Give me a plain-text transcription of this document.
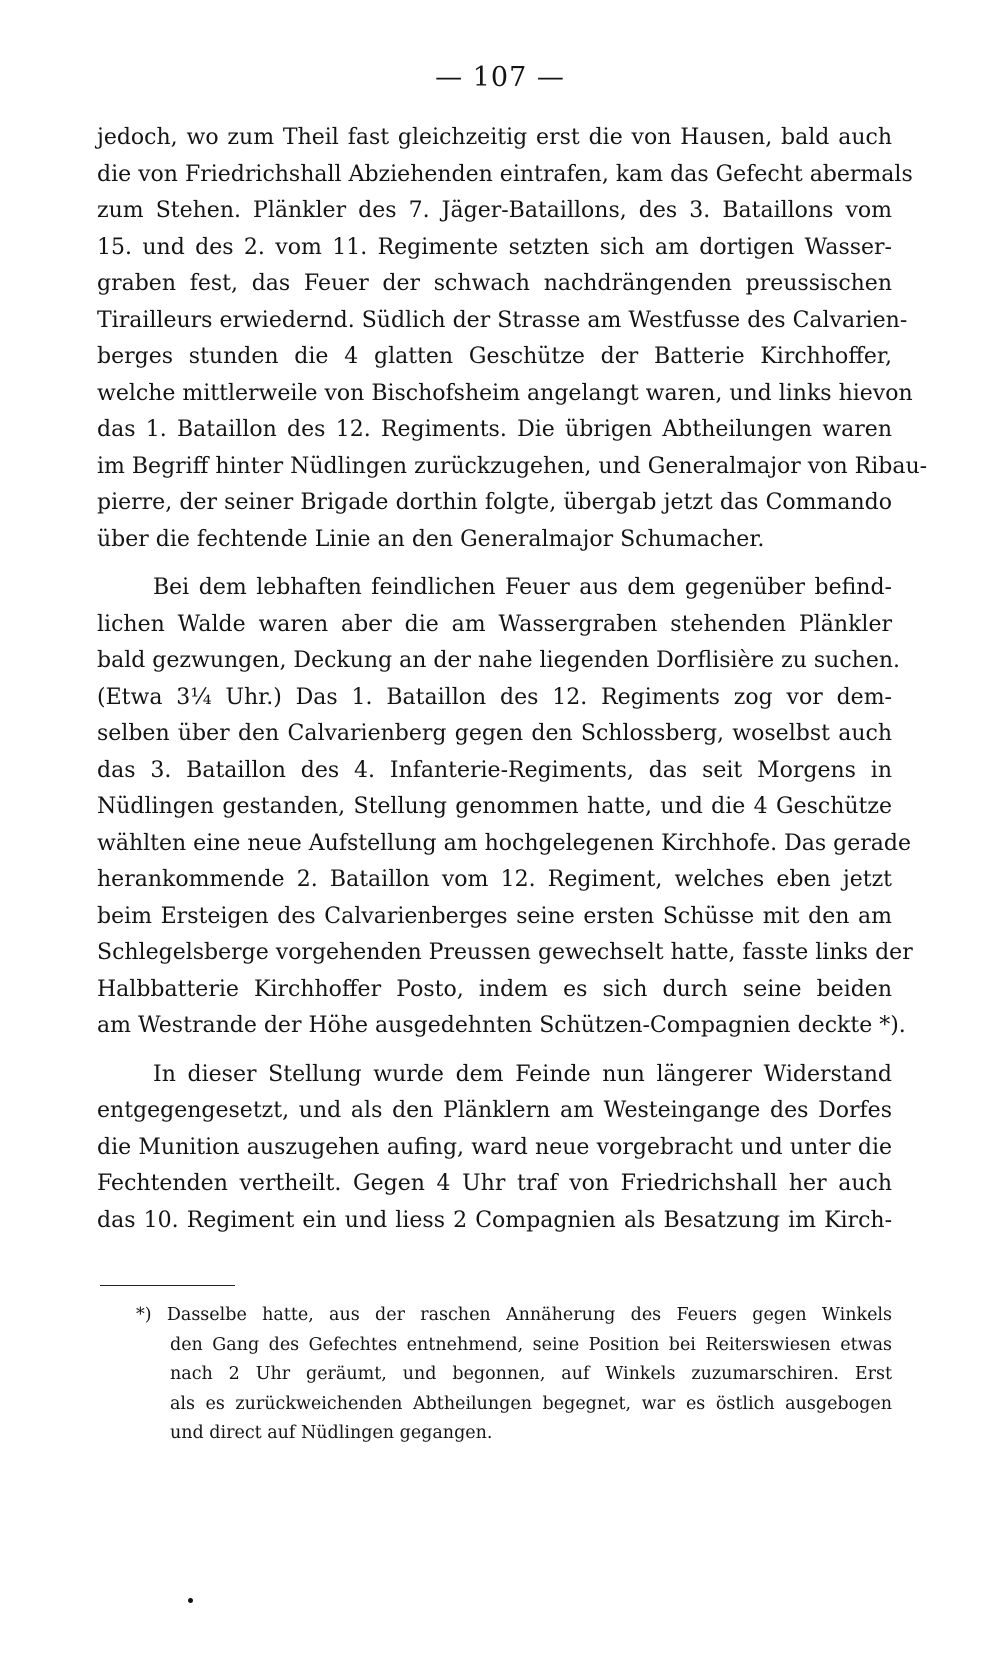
— 107 —
jedoch, wo zum Theil fast gleichzeitig erst die von Hausen, bald auch
die von Friedrichshall Abziehenden eintrafen, kam das Gefecht abermals
zum Stehen. Plänkler des 7. Jäger-Bataillons, des 3. Bataillons vom
15. und des 2. vom 11. Regimente setzten sich am dortigen Wasser-
graben fest, das Feuer der schwach nachdrängenden preussischen
Tirailleurs erwiedernd. Südlich der Strasse am Westfusse des Calvarien-
berges stunden die 4 glatten Geschütze der Batterie Kirchhoffer,
welche mittlerweile von Bischofsheim angelangt waren, und links hievon
das 1. Bataillon des 12. Regiments. Die übrigen Abtheilungen waren
im Begriff hinter Nüdlingen zurückzugehen, und Generalmajor von Ribau-
pierre, der seiner Brigade dorthin folgte, übergab jetzt das Commando
über die fechtende Linie an den Generalmajor Schumacher.
Bei dem lebhaften feindlichen Feuer aus dem gegenüber befind-
lichen Walde waren aber die am Wassergraben stehenden Plänkler
bald gezwungen, Deckung an der nahe liegenden Dorflisière zu suchen.
(Etwa 3¼ Uhr.) Das 1. Bataillon des 12. Regiments zog vor dem-
selben über den Calvarienberg gegen den Schlossberg, woselbst auch
das 3. Bataillon des 4. Infanterie-Regiments, das seit Morgens in
Nüdlingen gestanden, Stellung genommen hatte, und die 4 Geschütze
wählten eine neue Aufstellung am hochgelegenen Kirchhofe. Das gerade
herankommende 2. Bataillon vom 12. Regiment, welches eben jetzt
beim Ersteigen des Calvarienberges seine ersten Schüsse mit den am
Schlegelsberge vorgehenden Preussen gewechselt hatte, fasste links der
Halbbatterie Kirchhoffer Posto, indem es sich durch seine beiden
am Westrande der Höhe ausgedehnten Schützen-Compagnien deckte *).
In dieser Stellung wurde dem Feinde nun längerer Widerstand
entgegengesetzt, und als den Plänklern am Westeingange des Dorfes
die Munition auszugehen aufing, ward neue vorgebracht und unter die
Fechtenden vertheilt. Gegen 4 Uhr traf von Friedrichshall her auch
das 10. Regiment ein und liess 2 Compagnien als Besatzung im Kirch-
*) Dasselbe hatte, aus der raschen Annäherung des Feuers gegen Winkels
den Gang des Gefechtes entnehmend, seine Position bei Reiterswiesen etwas
nach 2 Uhr geräumt, und begonnen, auf Winkels zuzumarschiren. Erst
als es zurückweichenden Abtheilungen begegnet, war es östlich ausgebogen
und direct auf Nüdlingen gegangen.
